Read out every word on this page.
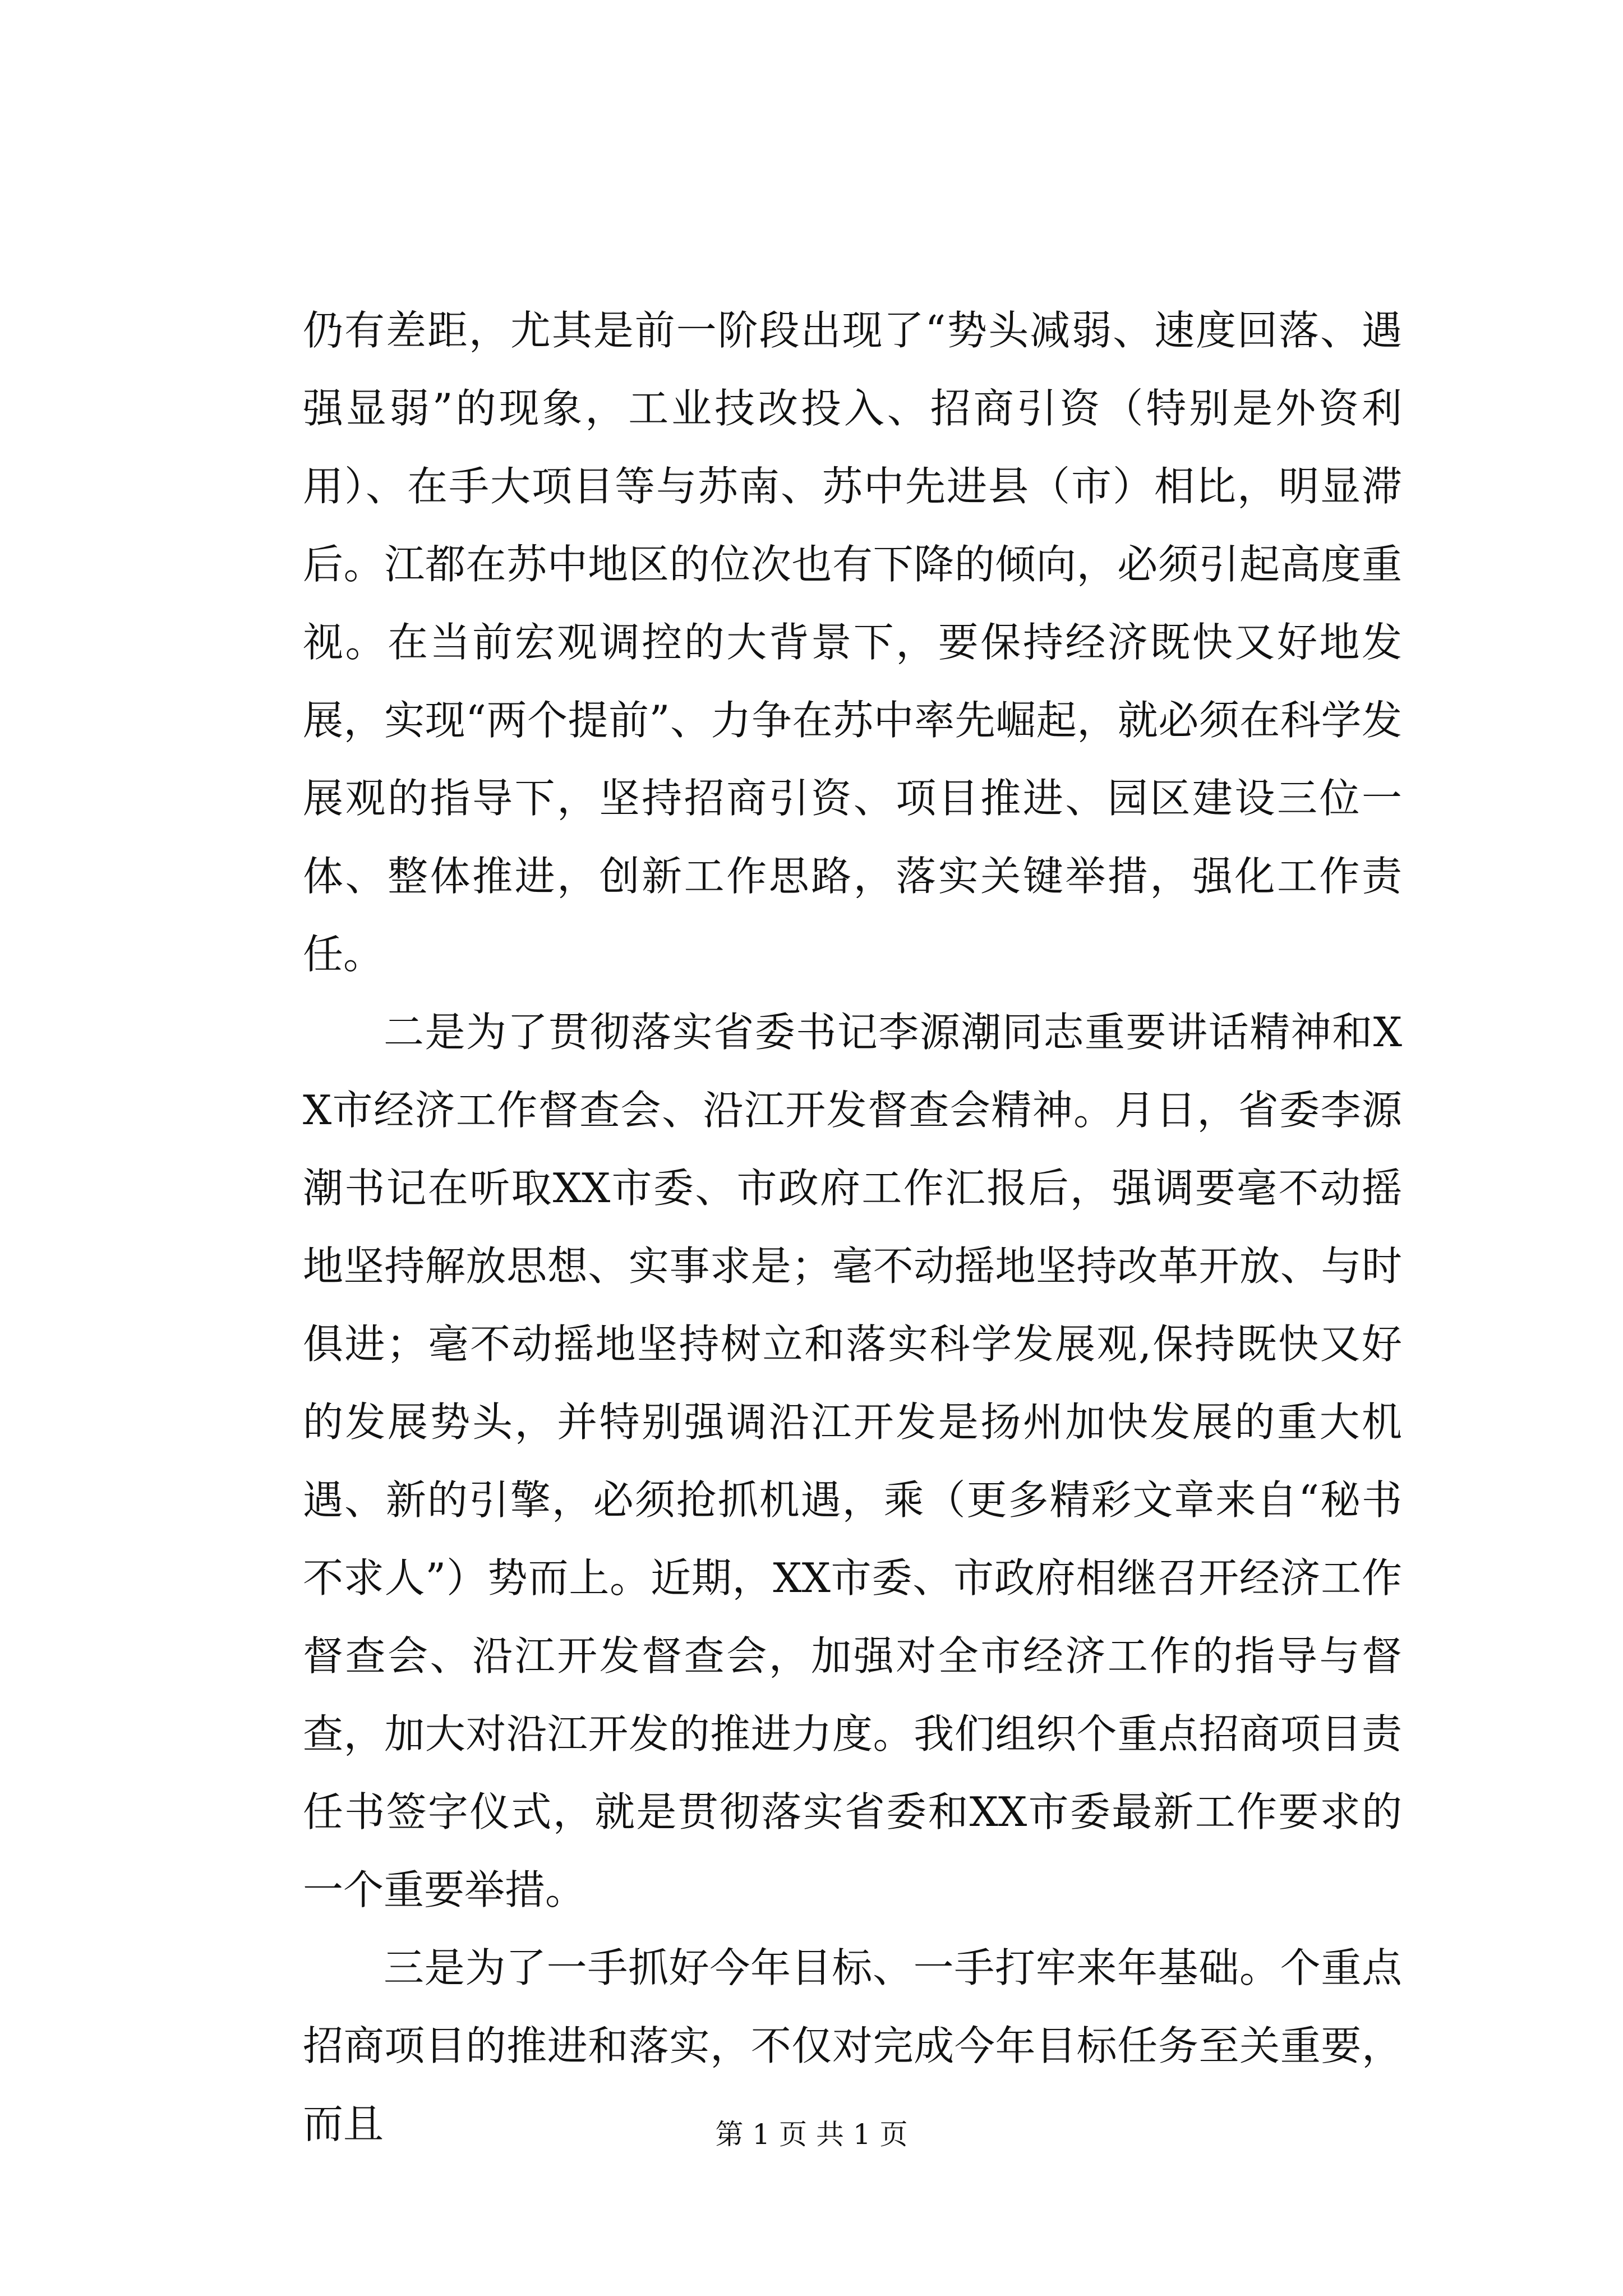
仍有差距，尤其是前一阶段出现了“势头减弱、速度回落、遇强显弱”的现象，工业技改投入、招商引资（特别是外资利用）、在手大项目等与苏南、苏中先进县（市）相比，明显滞后。江都在苏中地区的位次也有下降的倾向，必须引起高度重视。在当前宏观调控的大背景下，要保持经济既快又好地发展，实现“两个提前”、力争在苏中率先崛起，就必须在科学发展观的指导下，坚持招商引资、项目推进、园区建设三位一体、整体推进，创新工作思路，落实关键举措，强化工作责任。

二是为了贯彻落实省委书记李源潮同志重要讲话精神和XX市经济工作督查会、沿江开发督查会精神。月日，省委李源潮书记在听取XX市委、市政府工作汇报后，强调要毫不动摇地坚持解放思想、实事求是；毫不动摇地坚持改革开放、与时俱进；毫不动摇地坚持树立和落实科学发展观,保持既快又好的发展势头，并特别强调沿江开发是扬州加快发展的重大机遇、新的引擎，必须抢抓机遇，乘（更多精彩文章来自“秘书不求人”）势而上。近期，XX市委、市政府相继召开经济工作督查会、沿江开发督查会，加强对全市经济工作的指导与督查，加大对沿江开发的推进力度。我们组织个重点招商项目责任书签字仪式，就是贯彻落实省委和XX市委最新工作要求的一个重要举措。

三是为了一手抓好今年目标、一手打牢来年基础。个重点招商项目的推进和落实，不仅对完成今年目标任务至关重要，而且	第 1 页 共 1 页
